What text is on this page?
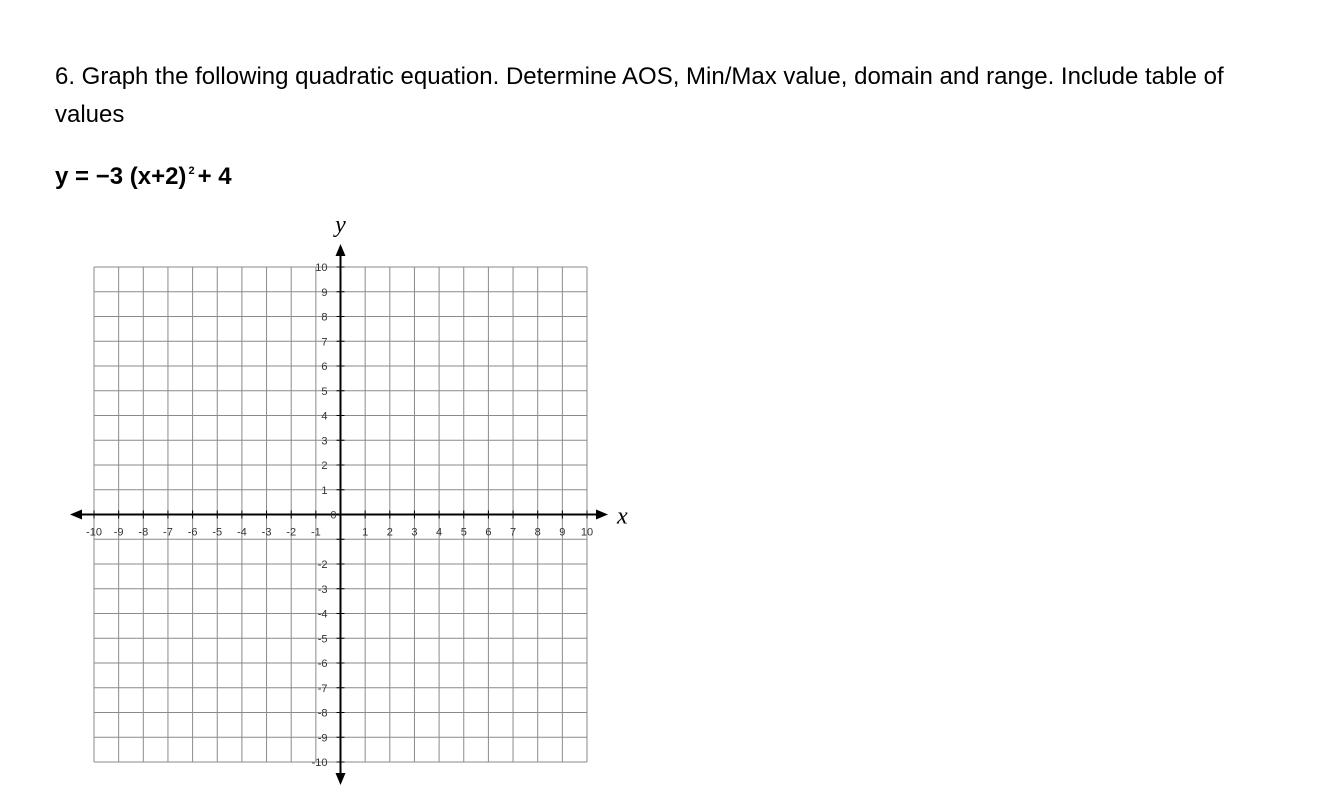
6. Graph the following quadratic equation. Determine AOS, Min/Max value, domain and range. Include table of values

y = −3 (x+2) $^2$ + 4

-10 -9 -8 -7 -6 -5 -4 -3 -2 -1	1 2 3 4 5 6 7 8 9 10
10
9
8
7
6
5
4
3
2
1
-2
-3
-4
-5
-6
-7
-8
-9
-10
0	x
y
